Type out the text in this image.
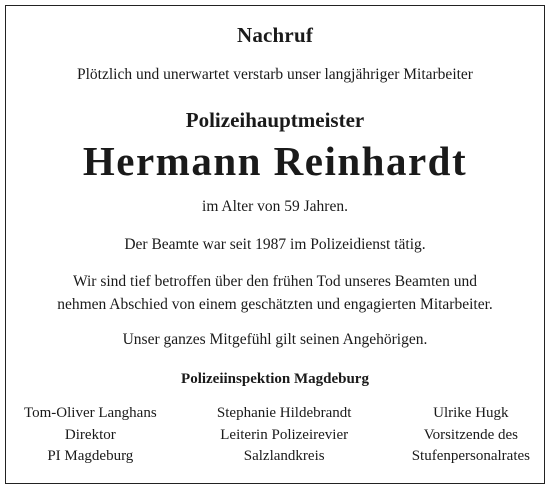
Nachruf
Plötzlich und unerwartet verstarb unser langjähriger Mitarbeiter
Polizeihauptmeister
Hermann Reinhardt
im Alter von 59 Jahren.
Der Beamte war seit 1987 im Polizeidienst tätig.
Wir sind tief betroffen über den frühen Tod unseres Beamten und
nehmen Abschied von einem geschätzten und engagierten Mitarbeiter.
Unser ganzes Mitgefühl gilt seinen Angehörigen.
Polizeiinspektion Magdeburg
Tom-Oliver Langhans
Direktor
PI Magdeburg
Stephanie Hildebrandt
Leiterin Polizeirevier
Salzlandkreis
Ulrike Hugk
Vorsitzende des
Stufenpersonalrates
